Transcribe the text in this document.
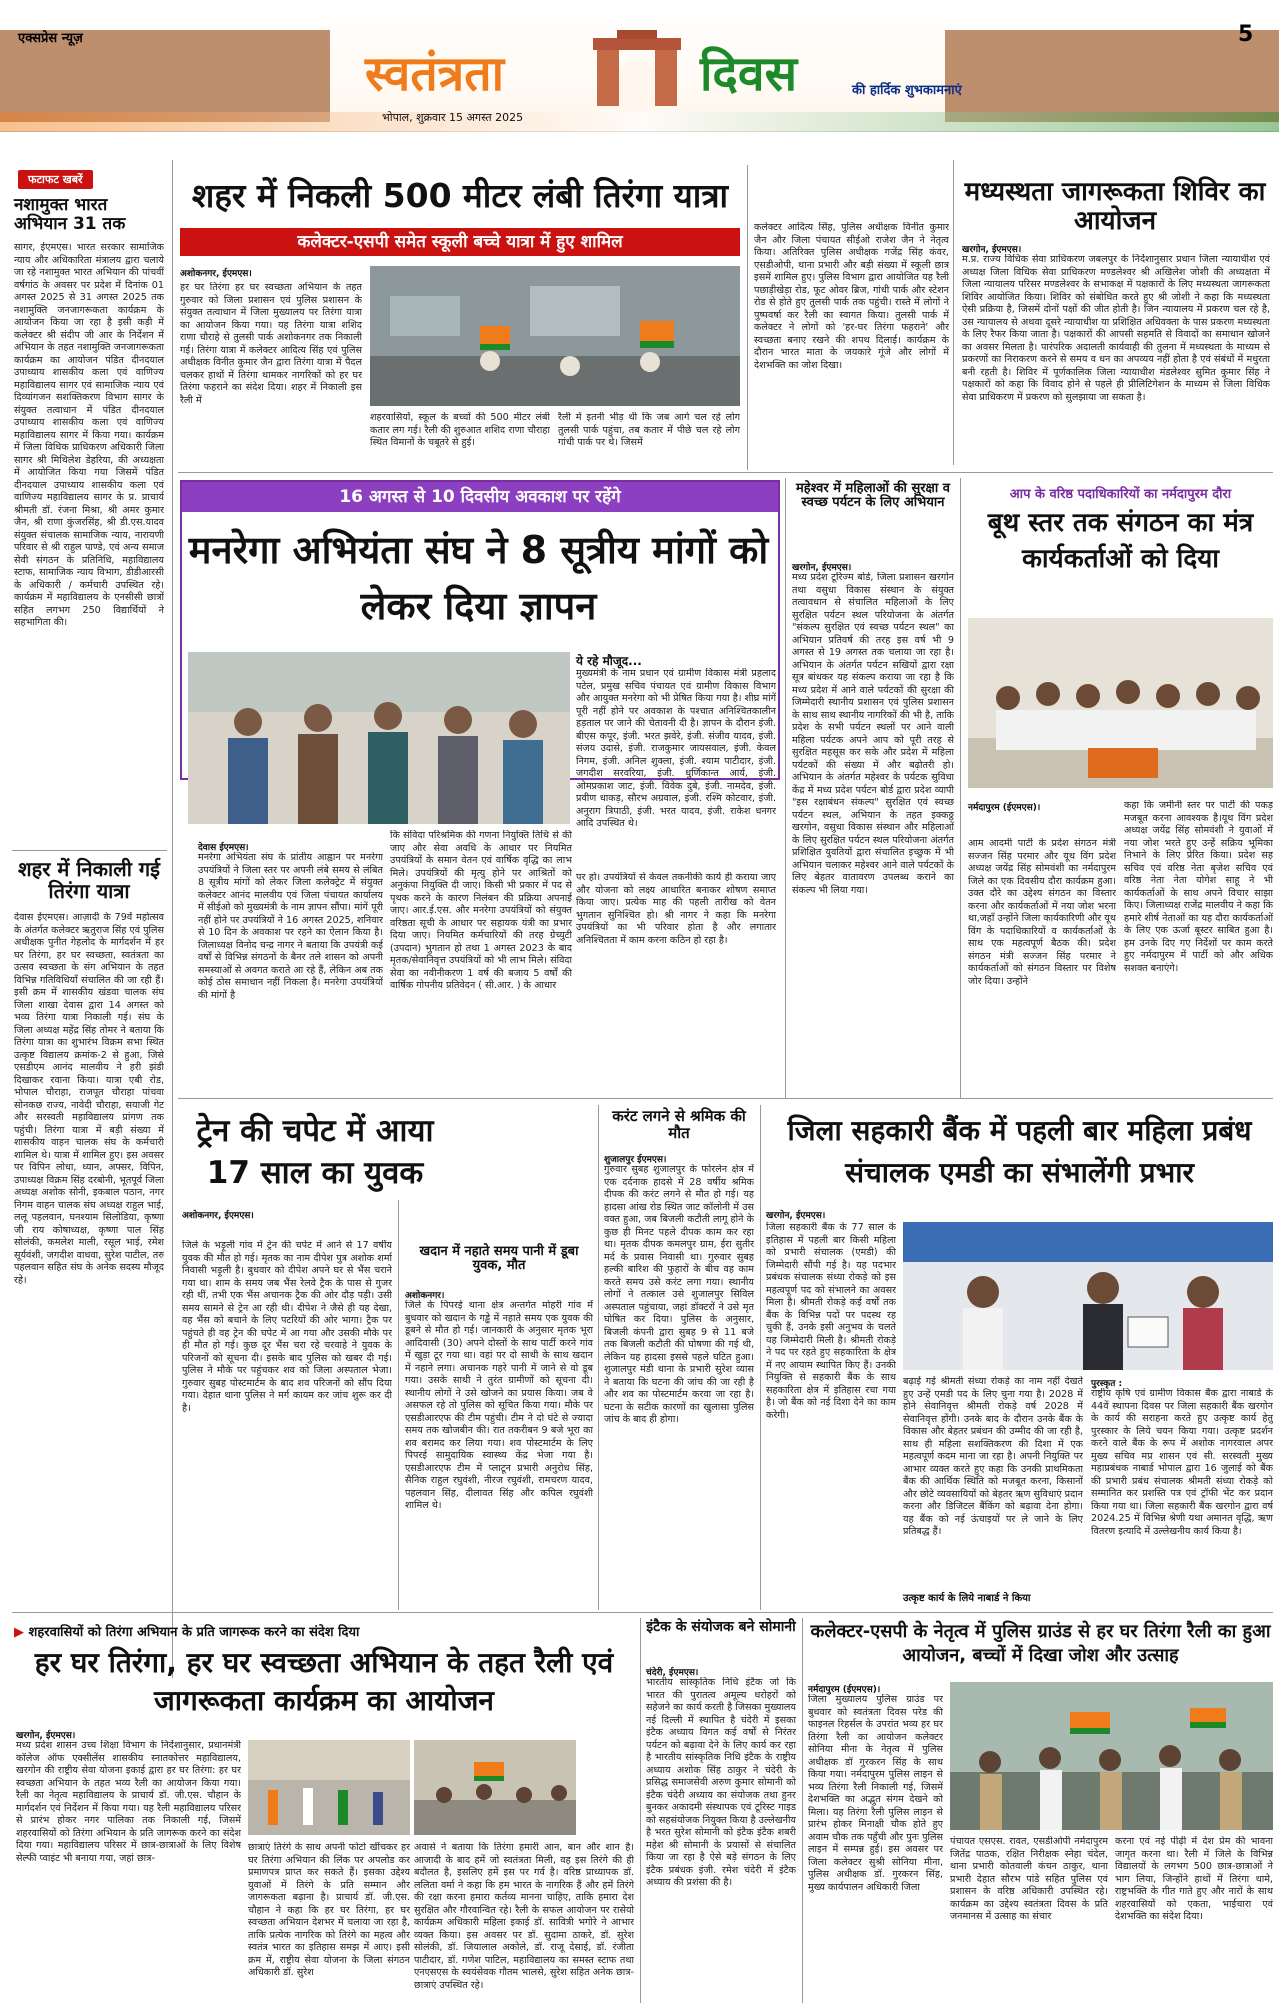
एक्सप्रेस न्यूज़	5
स्वतंत्रता	दिवस	की हार्दिक शुभकामनाएं
भोपाल, शुक्रवार 15 अगस्त 2025
फटाफट खबरें
नशामुक्त भारत अभियान 31 तक
सागर, ईएमएस। भारत सरकार सामाजिक न्याय और अधिकारिता मंत्रालय द्वारा चलाये जा रहे नशामुक्त भारत अभियान की पांचवीं वर्षगांठ के अवसर पर प्रदेश में दिनांक 01 अगस्त 2025 से 31 अगस्त 2025 तक नशामुक्ति जनजागरूकता कार्यक्रम के आयोजन किया जा रहा है इसी कड़ी में कलेक्टर श्री संदीप जी आर के निर्देशन में अभियान के तहत नशामुक्ति जनजागरूकता कार्यक्रम का आयोजन पंडित दीनदयाल उपाध्याय शासकीय कला एवं वाणिज्य महाविद्यालय सागर एवं सामाजिक न्याय एवं दिव्यांगजन सशक्तिकरण विभाग सागर के संयुक्त तत्वाधान में पंडित दीनदयाल उपाध्याय शासकीय कला एवं वाणिज्य महाविद्यालय सागर में किया गया। कार्यक्रम में जिला विधिक प्राधिकरण अधिकारी जिला सागर श्री मिथिलेश डेहरिया, की अध्यक्षता में आयोजित किया गया जिसमें पंडित दीनदयाल उपाध्याय शासकीय कला एवं वाणिज्य महाविद्यालय सागर के प्र. प्राचार्य श्रीमती डॉ. रंजना मिश्रा, श्री अमर कुमार जैन, श्री राणा कुंजरसिंह, श्री डी.एस.यादव संयुक्त संचालक सामाजिक न्याय, नारायणी परिवार से श्री राहुल पाण्डे, एवं अन्य समाज सेवी संगठन के प्रतिनिधि, महाविद्यालय स्टाफ, सामाजिक न्याय विभाग, डीडीआरसी के अधिकारी / कर्मचारी उपस्थित रहे। कार्यक्रम में महाविद्यालय के एनसीसी छात्रों सहित लगभग 250 विद्यार्थियों ने सहभागिता की।
शहर में निकाली गई तिरंगा यात्रा
देवास ईएमएस। आज़ादी के 79वें महोत्सव के अंतर्गत कलेक्टर ऋतुराज सिंह एवं पुलिस अधीक्षक पुनीत गेहलोद के मार्गदर्शन में हर घर तिरंगा, हर घर स्वच्छता, स्वतंत्रता का उत्सव स्वच्छता के संग अभियान के तहत विभिन्न गतिविधियाँ संचालित की जा रही हैं। इसी क्रम में शासकीय खंडवा चालक संघ जिला शाखा देवास द्वारा 14 अगस्त को भव्य तिरंगा यात्रा निकाली गई। संघ के जिला अध्यक्ष महेंद्र सिंह तोमर ने बताया कि तिरंगा यात्रा का शुभारंभ विक्रम सभा स्थित उत्कृष्ट विद्यालय क्रमांक-2 से हुआ, जिसे एसडीएम आनंद मालवीय ने हरी झंडी दिखाकर रवाना किया। यात्रा एबी रोड, भोपाल चौराहा, राजपूत चौराहा पांचवा सोनकछ राज्य, नावेदी चौराहा, सयाजी गेट और सरस्वती महाविद्यालय प्रांगण तक पहुंची। तिरंगा यात्रा में बड़ी संख्या में शासकीय वाहन चालक संघ के कर्मचारी शामिल थे। यात्रा में शामिल हुए। इस अवसर पर विपिन लोधा, ध्यान, अफ्सर, विपिन, उपाध्यक्ष विक्रम सिंह दरबोनी, भूतपूर्व जिला अध्यक्ष अशोक सोनी, इकबाल पठान, नगर निगम वाहन चालक संघ अध्यक्ष राहुल भाई, ललू पहलवान, घनश्याम सिलोडिया, कृष्णा जी राय कोषाध्यक्ष, कृष्णा पाल सिंह सोलंकी, कमलेश माली, रसूल भाई, रमेश सूर्यवंशी, जगदीश वाधवा, सुरेश पाटील, तरु पहलवान सहित संघ के अनेक सदस्य मौजूद रहे।
शहर में निकली 500 मीटर लंबी तिरंगा यात्रा
कलेक्टर-एसपी समेत स्कूली बच्चे यात्रा में हुए शामिल
अशोकनगर, ईएमएस।
हर घर तिरंगा हर घर स्वच्छता अभियान के तहत गुरुवार को जिला प्रशासन एवं पुलिस प्रशासन के संयुक्त तत्वाधान में जिला मुख्यालय पर तिरंगा यात्रा का आयोजन किया गया। यह तिरंगा यात्रा शशिद राणा चौराहे से तुलसी पार्क अशोकनगर तक निकाली गई। तिरंगा यात्रा में कलेक्टर आदित्य सिंह एवं पुलिस अधीक्षक विनीत कुमार जैन द्वारा तिरंगा यात्रा में पैदल चलकर हाथों में तिरंगा थामकर नागरिकों को हर घर तिरंगा फहराने का संदेश दिया। शहर में निकाली इस रैली में
शहरवासियों, स्कूल के बच्चों की 500 मीटर लंबी कतार लग गई। रैली की शुरुआत शशिद राणा चौराहा स्थित विमानों के चबूतरे से हुई।
रैली में इतनी भीड़ थी कि जब आगे चल रहे लोग तुलसी पार्क पहुंचा, तब कतार में पीछे चल रहे लोग गांधी पार्क पर थे। जिसमें
कलेक्टर आदित्य सिंह, पुलिस अधीक्षक विनीत कुमार जैन और जिला पंचायत सीईओ राजेश जैन ने नेतृत्व किया। अतिरिक्त पुलिस अधीक्षक गजेंद्र सिंह कंवर, एसडीओपी, थाना प्रभारी और बड़ी संख्या में स्कूली छात्र इसमें शामिल हुए। पुलिस विभाग द्वारा आयोजित यह रैली पछाड़ीखेड़ा रोड, फूट ओवर ब्रिज, गांधी पार्क और स्टेशन रोड से होते हुए तुलसी पार्क तक पहुंची। रास्ते में लोगों ने पुष्पवर्षा कर रैली का स्वागत किया। तुलसी पार्क में कलेक्टर ने लोगों को 'हर-घर तिरंगा फहराने' और स्वच्छता बनाए रखने की शपथ दिलाई। कार्यक्रम के दौरान भारत माता के जयकारे गूंजे और लोगों में देशभक्ति का जोश दिखा।
16 अगस्त से 10 दिवसीय अवकाश पर रहेंगे
मनरेगा अभियंता संघ ने 8 सूत्रीय मांगों को लेकर दिया ज्ञापन
ये रहे मौजूद...
मुख्यमंत्री के नाम प्रधान एवं ग्रामीण विकास मंत्री प्रहलाद पटेल, प्रमुख सचिव पंचायत एवं ग्रामीण विकास विभाग और आयुक्त मनरेगा को भी प्रेषित किया गया है। शीघ्र मांगें पूरी नहीं होने पर अवकाश के पश्चात अनिश्चितकालीन हड़ताल पर जाने की चेतावनी दी है। ज्ञापन के दौरान इंजी. बीएस कपूर, इंजी. भरत झवेरे, इंजी. संजीव यादव, इंजी. संजय उदासे, इंजी. राजकुमार जायसवाल, इंजी. केवल निगम, इंजी. अनिल शुक्ला, इंजी. श्याम पाटीदार, इंजी. जगदीश सरवरिया, इंजी. धुर्णिकान्त आर्य, इंजी. ओमप्रकाश जाट, इंजी. विवेक दुबे, इंजी. नामदेव, इंजी. प्रवीण धाकड़, सौरभ अग्रवाल, इंजी. रश्मि कोटवार, इंजी. अनुराग त्रिपाठी, इंजी. भरत यादव, इंजी. राकेश धनगर आदि उपस्थित थे।
देवास ईएमएस।
मनरेगा अभियंता संघ के प्रांतीय आह्वान पर मनरेगा उपयंत्रियों ने जिला स्तर पर अपनी लंबे समय से लंबित 8 सूत्रीय मांगों को लेकर जिला कलेक्ट्रेट में संयुक्त कलेक्टर आनंद मालवीय एवं जिला पंचायत कार्यालय में सीईओ को मुख्यमंत्री के नाम ज्ञापन सौंपा। मांगें पूरी नहीं होने पर उपयंत्रियों ने 16 अगस्त 2025, शनिवार से 10 दिन के अवकाश पर रहने का ऐलान किया है। जिलाध्यक्ष विनोद चन्द्र नागर ने बताया कि उपयंत्री कई वर्षों से विभिन्न संगठनों के बैनर तले शासन को अपनी समस्याओं से अवगत कराते आ रहे हैं, लेकिन अब तक कोई ठोस समाधान नहीं निकला है। मनरेगा उपयंत्रियों की मांगों है
कि संविदा परिश्रमिक की गणना नियुक्ति तिथि से की जाए और सेवा अवधि के आधार पर नियमित उपयंत्रियों के समान वेतन एवं वार्षिक वृद्धि का लाभ मिले। उपयंत्रियों की मृत्यु होने पर आश्रितों को अनुकंपा नियुक्ति दी जाए। किसी भी प्रकार में पद से पृथक करने के कारण निलंबन की प्रक्रिया अपनाई जाए। आर.ई.एस. और मनरेगा उपयंत्रियों को संयुक्त वरिष्ठता सूची के आधार पर सहायक यंत्री का प्रभार दिया जाए। नियमित कर्मचारियों की तरह ग्रेच्युटी (उपदान) भुगतान हो तथा 1 अगस्त 2023 के बाद मृतक/सेवानिवृत्त उपयंत्रियों को भी लाभ मिले। संविदा सेवा का नवीनीकरण 1 वर्ष की बजाय 5 वर्षों की वार्षिक गोपनीय प्रतिवेदन ( सी.आर. ) के आधार
पर हो। उपयंत्रियों से केवल तकनीकी कार्य ही कराया जाए और योजना को लक्ष्य आधारित बनाकर शोषण समाप्त किया जाए। प्रत्येक माह की पहली तारीख को वेतन भुगतान सुनिश्चित हो। श्री नागर ने कहा कि मनरेगा उपयंत्रियों का भी परिवार होता है और लगातार अनिश्चितता में काम करना कठिन हो रहा है।
मध्यस्थता जागरूकता शिविर का आयोजन
खरगोन, ईएमएस।
म.प्र. राज्य विधिक सेवा प्राधिकरण जबलपुर के निर्देशानुसार प्रधान जिला न्यायाधीश एवं अध्यक्ष जिला विधिक सेवा प्राधिकरण मण्डलेश्वर श्री अखिलेश जोशी की अध्यक्षता में जिला न्यायालय परिसर मण्डलेश्वर के सभाकक्ष में पक्षकारों के लिए मध्यस्थता जागरूकता शिविर आयोजित किया। शिविर को संबोधित करते हुए श्री जोशी ने कहा कि मध्यस्थता ऐसी प्रक्रिया है, जिसमें दोनों पक्षों की जीत होती है। जिन न्यायालय में प्रकरण चल रहे है, उस न्यायालय से अथवा दूसरे न्यायाधीश या प्रशिक्षित अधिवक्ता के पास प्रकरण मध्यस्थता के लिए रैफर किया जाता है। पक्षकारों की आपसी सहमति से विवादों का समाधान खोजने का अवसर मिलता है। पारंपरिक अदालती कार्यवाही की तुलना में मध्यस्थता के माध्यम से प्रकरणों का निराकरण करने से समय व धन का अपव्यय नहीं होता है एवं संबंधों में मधुरता बनी रहती है। शिविर में पूर्णकालिक जिला न्यायाधीश मंडलेश्वर सुमित कुमार सिंह ने पक्षकारों को कहा कि विवाद होने से पहले ही प्रीलिटिगेशन के माध्यम से जिला विधिक सेवा प्राधिकरण में प्रकरण को सुलझाया जा सकता है।
महेश्वर में महिलाओं की सुरक्षा व स्वच्छ पर्यटन के लिए अभियान
खरगोन, ईएमएस।
मध्य प्रदेश टूरिज्म बोर्ड, जिला प्रशासन खरगोन तथा वसुधा विकास संस्थान के संयुक्त तत्वावधान से संचालित महिलाओं के लिए सुरक्षित पर्यटन स्थल परियोजना के अंतर्गत "संकल्प सुरक्षित एवं स्वच्छ पर्यटन स्थल" का अभियान प्रतिवर्ष की तरह इस वर्ष भी 9 अगस्त से 19 अगस्त तक चलाया जा रहा है। अभियान के अंतर्गत पर्यटन सखियों द्वारा रक्षा सूत्र बांधकर यह संकल्प कराया जा रहा है कि मध्य प्रदेश में आने वाले पर्यटकों की सुरक्षा की जिम्मेदारी स्थानीय प्रशासन एवं पुलिस प्रशासन के साथ साथ स्थानीय नागरिकों की भी है, ताकि प्रदेश के सभी पर्यटन स्थलों पर आने वाली महिला पर्यटक अपने आप को पूरी तरह से सुरक्षित महसूस कर सके और प्रदेश में महिला पर्यटकों की संख्या में और बढ़ोतरी हो। अभियान के अंतर्गत महेश्वर के पर्यटक सुविधा केंद्र में मध्य प्रदेश पर्यटन बोर्ड द्वारा प्रदेश व्यापी "इस रक्षाबंधन संकल्प" सुरक्षित एवं स्वच्छ पर्यटन स्थल, अभियान के तहत इक्कठ्ठ खरगोन, वसुधा विकास संस्थान और महिलाओं के लिए सुरक्षित पर्यटन स्थल परियोजना अंतर्गत प्रशिक्षित युवतियों द्वारा संचालित इच्छुक में भी अभियान चलाकर महेश्वर आने वाले पर्यटकों के लिए बेहतर वातावरण उपलब्ध कराने का संकल्प भी लिया गया।
आप के वरिष्ठ पदाधिकारियों का नर्मदापुरम दौरा
बूथ स्तर तक संगठन का मंत्र कार्यकर्ताओं को दिया
नर्मदापुरम (ईएमएस)।
आम आदमी पार्टी के प्रदेश संगठन मंत्री सज्जन सिंह परमार और यूथ विंग प्रदेश अध्यक्ष जयेंद्र सिंह सोमवंशी का नर्मदापुरम जिले का एक दिवसीय दौरा कार्यक्रम हुआ। उक्त दौरे का उद्देश्य संगठन का विस्तार करना और कार्यकर्ताओं में नया जोश भरना था,जहाँ उन्होंने जिला कार्यकारिणी और यूथ विंग के पदाधिकारियों व कार्यकर्ताओं के साथ एक महत्वपूर्ण बैठक की। प्रदेश संगठन मंत्री सज्जन सिंह परमार ने कार्यकर्ताओं को संगठन विस्तार पर विशेष जोर दिया। उन्होंने
कहा कि जमीनी स्तर पर पार्टी की पकड़ मजबूत करना आवश्यक है।यूथ विंग प्रदेश अध्यक्ष जयेंद्र सिंह सोमवंशी ने युवाओं में नया जोश भरते हुए उन्हें सक्रिय भूमिका निभाने के लिए प्रेरित किया। प्रदेश सह सचिव एवं वरिष्ठ नेता बृजेश सचिव एवं वरिष्ठ नेता नेता योगेश साहू ने भी कार्यकर्ताओं के साथ अपने विचार साझा किए। जिलाध्यक्ष राजेंद्र मालवीय ने कहा कि हमारे शीर्ष नेताओं का यह दौरा कार्यकर्ताओं के लिए एक ऊर्जा बूस्टर साबित हुआ है। हम उनके दिए गए निर्देशों पर काम करते हुए नर्मदापुरम में पार्टी को और अधिक सशक्त बनाएंगे।
ट्रेन की चपेट में आया 17 साल का युवक
अशोकनगर, ईएमएस।
जिले के भड़ूली गांव में ट्रेन की चपेट में आने से 17 वर्षीय युवक की मौत हो गई। मृतक का नाम दीपेश पुत्र अशोक शर्मा निवासी भड़ूली है। बुधवार को दीपेश अपने घर से भैंस चराने गया था। शाम के समय जब भैंस रेलवे ट्रैक के पास से गुजर रही थीं, तभी एक भैंस अचानक ट्रैक की ओर दौड़ पड़ी। उसी समय सामने से ट्रेन आ रही थी। दीपेश ने जैसे ही यह देखा, वह भैंस को बचाने के लिए पटरियों की ओर भागा। ट्रैक पर पहुंचते ही वह ट्रेन की चपेट में आ गया और उसकी मौके पर ही मौत हो गई। कुछ दूर भैंस चरा रहे चरवाहे ने युवक के परिजनों को सूचना दी। इसके बाद पुलिस को खबर दी गई। पुलिस ने मौके पर पहुंचकर शव को जिला अस्पताल भेजा। गुरुवार सुबह पोस्टमार्टम के बाद शव परिजनों को सौंप दिया गया। देहात थाना पुलिस ने मर्ग कायम कर जांच शुरू कर दी है।
खदान में नहाते समय पानी में डूबा युवक, मौत
अशोकनगर।
जिले के पिपरई थाना क्षेत्र अन्तर्गत मोहरी गांव में बुधवार को खदान के गड्ढे में नहाते समय एक युवक की डूबने से मौत हो गई। जानकारी के अनुसार मृतक भूरा आदिवासी (30) अपने दोस्तों के साथ पार्टी करने गांव में खुड़ा टूर गया था। वहां पर दो साथी के साथ खदान में नहाने लगा। अचानक गहरे पानी में जाने से वो डूब गया। उसके साथी ने तुरंत ग्रामीणों को सूचना दी। स्थानीय लोगों ने उसे खोजने का प्रयास किया। जब वे असफल रहे तो पुलिस को सूचित किया गया। मौके पर एसडीआरएफ की टीम पहुंची। टीम ने दो घंटे से ज्यादा समय तक खोजबीन की। रात तकरीबन 9 बजे भूरा का शव बरामद कर लिया गया। शव पोस्टमार्टम के लिए पिपरई सामुदायिक स्वास्थ्य केंद्र भेजा गया है। एसडीआरएफ टीम में प्लाटून प्रभारी अनुरोध सिंह, सैनिक राहुल रघुवंशी, नीरज रघुवंशी, रामचरण यादव, पहलवान सिंह, दीलावत सिंह और कपिल रघुवंशी शामिल थे।
करंट लगने से श्रमिक की मौत
शुजालपुर ईएमएस।
गुरुवार सुबह शुजालपुर के फोरलेन क्षेत्र में एक दर्दनाक हादसे में 28 वर्षीय श्रमिक दीपक की करंट लगने से मौत हो गई। यह हादसा आंख रोड स्थित जाट कॉलोनी में उस वक्त हुआ, जब बिजली कटौती लागू होने के कुछ ही मिनट पहले दीपक काम कर रहा था। मृतक दीपक कमलपुर ग्राम, ईरा सुतीर मर्द के प्रवास निवासी था। गुरुवार सुबह हल्की बारिश की फुहारों के बीच वह काम करते समय उसे करंट लगा गया। स्थानीय लोगों ने तत्काल उसे शुजालपुर सिविल अस्पताल पहुंचाया, जहां डॉक्टरों ने उसे मृत घोषित कर दिया। पुलिस के अनुसार, बिजली कंपनी द्वारा सुबह 9 से 11 बजे तक बिजली कटौती की घोषणा की गई थी, लेकिन यह हादसा इससे पहले घटित हुआ। शुजालपुर मंडी थाना के प्रभारी सुरेश व्यास ने बताया कि घटना की जांच की जा रही है और शव का पोस्टमार्टम करवा जा रहा है। घटना के सटीक कारणों का खुलासा पुलिस जांच के बाद ही होगा।
जिला सहकारी बैंक में पहली बार महिला प्रबंध संचालक एमडी का संभालेंगी प्रभार
खरगोन, ईएमएस।
जिला सहकारी बैंक के 77 साल के इतिहास में पहली बार किसी महिला को प्रभारी संचालक (एमडी) की जिम्मेदारी सौंपी गई है। यह पदभार प्रबंधक संचालक संध्या रोकड़े को इस महत्वपूर्ण पद को संभालने का अवसर मिला है। श्रीमती रोकड़े कई वर्षों तक बैंक के विभिन्न पदों पर पदस्थ रह चुकी हैं, उनके इसी अनुभव के चलते यह जिम्मेदारी मिली है। श्रीमती रोकड़े ने पद पर रहते हुए सहकारिता के क्षेत्र में नए आयाम स्थापित किए हैं। उनकी नियुक्ति से सहकारी बैंक के साथ सहकारिता क्षेत्र में इतिहास रचा गया है। जो बैंक को नई दिशा देने का काम करेगी।
बढ़ाई गई श्रीमती संध्या रोकड़े का नाम नहीं देखते हुए उन्हें एमडी पद के लिए चुना गया है। 2028 में होने सेवानिवृत्त श्रीमती रोकड़े वर्ष 2028 में सेवानिवृत्त होंगी। उनके बाद के दौरान उनके बैंक के विकास और बेहतर प्रबंधन की उम्मीद की जा रही है, साथ ही महिला सशक्तिकरण की दिशा में एक महत्वपूर्ण कदम माना जा रहा है। अपनी नियुक्ति पर आभार व्यक्त करते हुए कहा कि उनकी प्राथमिकता बैंक की आर्थिक स्थिति को मजबूत करना, किसानों और छोटे व्यवसायियों को बेहतर ऋण सुविधाएं प्रदान करना और डिजिटल बैंकिंग को बढ़ावा देना होगा। यह बैंक को नई ऊंचाइयों पर ले जाने के लिए प्रतिबद्ध हैं।
उत्कृष्ट कार्य के लिये नाबार्ड ने किया
पुरस्कृत :
राष्ट्रीय कृषि एवं ग्रामीण विकास बैंक द्वारा नाबार्ड के 44वें स्थापना दिवस पर जिला सहकारी बैंक खरगोन के कार्य की सराहना करते हुए उत्कृष्ट कार्य हेतु पुरस्कार के लिये चयन किया गया। उत्कृष्ट प्रदर्शन करने वाले बैंक के रूप में अशोक नागरवाल अपर मुख्य सचिव मप्र शासन एवं सी. सरस्वती मुख्य महाप्रबंधक नाबार्ड भोपाल द्वारा 16 जुलाई को बैंक की प्रभारी प्रबंध संचालक श्रीमती संध्या रोकड़े को सम्मानित कर प्रशस्ति पत्र एवं ट्रॉफी भेंट कर प्रदान किया गया था। जिला सहकारी बैंक खरगोन द्वारा वर्ष 2024.25 में विभिन्न श्रेणी यथा अमानत वृद्धि, ऋण वितरण इत्यादि में उल्लेखनीय कार्य किया है।
▶ शहरवासियों को तिरंगा अभियान के प्रति जागरूक करने का संदेश दिया
हर घर तिरंगा, हर घर स्वच्छता अभियान के तहत रैली एवं जागरूकता कार्यक्रम का आयोजन
खरगोन, ईएमएस।
मध्य प्रदेश शासन उच्च शिक्षा विभाग के निर्देशानुसार, प्रधानमंत्री कॉलेज ऑफ एक्सीलेंस शासकीय स्नातकोत्तर महाविद्यालय, खरगोन की राष्ट्रीय सेवा योजना इकाई द्वारा हर घर तिरंगा: हर घर स्वच्छता अभियान के तहत भव्य रैली का आयोजन किया गया। रैली का नेतृत्व महाविद्यालय के प्राचार्य डॉ. जी.एस. चौहान के मार्गदर्शन एवं निर्देशन में किया गया। यह रैली महाविद्यालय परिसर से प्रारंभ होकर नगर पालिका तक निकाली गई, जिसमें शहरवासियों को तिरंगा अभियान के प्रति जागरूक करने का संदेश दिया गया। महाविद्यालय परिसर में छात्र-छात्राओं के लिए विशेष सेल्फी प्वाइंट भी बनाया गया, जहां छात्र-
छात्राएं तिरंगे के साथ अपनी फोटो खींचकर हर घर तिरंगा अभियान की लिंक पर अपलोड कर प्रमाणपत्र प्राप्त कर सकते हैं। इसका उद्देश्य युवाओं में तिरंगे के प्रति सम्मान और जागरूकता बढ़ाना है। प्राचार्य डॉ. जी.एस. चौहान ने कहा कि हर घर तिरंगा, हर घर स्वच्छता अभियान देशभर में चलाया जा रहा है, ताकि प्रत्येक नागरिक को तिरंगे का महत्व और स्वतंत्र भारत का इतिहास समझ में आए। इसी क्रम में, राष्ट्रीय सेवा योजना के जिला संगठन अधिकारी डॉ. सुरेश
अवासे ने बताया कि तिरंगा हमारी आन, बान और शान है। आजादी के बाद हमें जो स्वतंत्रता मिली, वह इस तिरंगे की ही बदौलत है, इसलिए हमें इस पर गर्व है। वरिष्ठ प्राध्यापक डॉ. ललिता वर्मा ने कहा कि हम भारत के नागरिक हैं और हमें तिरंगे की रक्षा करना हमारा कर्तव्य मानना चाहिए, ताकि हमारा देश सुरक्षित और गौरवान्वित रहे। रैली के सफल आयोजन पर रासेयो कार्यक्रम अधिकारी महिला इकाई डॉ. सावित्री भगोरे ने आभार व्यक्त किया। इस अवसर पर डॉ. सुदामा ठाकरे, डॉ. सुरेश सोलंकी, डॉ. जियालाल अकोले, डॉ. राजू देसाई, डॉ. रंजीता पाटीदार, डॉ. गणेश पाटिल, महाविद्यालय का समस्त स्टाफ तथा एनएसएस के स्वयंसेवक गौतम भालसे, सुरेश सहित अनेक छात्र-छात्राएं उपस्थित रहे।
इंटैक के संयोजक बने सोमानी
चंदेरी, ईएमएस।
भारतीय सांस्कृतिक निधि इंटैक जो कि भारत की पुरातत्व अमूल्य धरोहरों को सहेजने का कार्य करती है जिसका मुख्यालय नई दिल्ली में स्थापित है चंदेरी में इसका इंटैक अध्याय विगत कई वर्षों से निरंतर पर्यटन को बढ़ावा देने के लिए कार्य कर रहा है भारतीय सांस्कृतिक निधि इंटैक के राष्ट्रीय अध्याय अशोक सिंह ठाकुर ने चंदेरी के प्रसिद्ध समाजसेवी अरुण कुमार सोमानी को इंटैक चंदेरी अध्याय का संयोजक तथा हुनर बुनकर अकादमी संस्थापक एवं टूरिस्ट गाइड को सहसंयोजक नियुक्त किया है उल्लेखनीय है भरत सुरेश सोमानी को इंटैक इंटैक शबरी महेश श्री सोमानी के प्रयासों से संचालित किया जा रहा है ऐसे बड़े संगठन के लिए इंटैक प्रबंधक इंजी. रमेश चंदेरी में इंटैक अध्याय की प्रशंसा की है।
कलेक्टर-एसपी के नेतृत्व में पुलिस ग्राउंड से हर घर तिरंगा रैली का हुआ आयोजन, बच्चों में दिखा जोश और उत्साह
नर्मदापुरम (ईएमएस)।
जिला मुख्यालय पुलिस ग्राउंड पर बुधवार को स्वतंत्रता दिवस परेड की फाइनल रिहर्सल के उपरांत भव्य हर घर तिरंगा रैली का आयोजन कलेक्टर सोनिया मीना के नेतृत्व में पुलिस अधीक्षक डॉ गुरकरन सिंह के साथ किया गया। नर्मदापुरम पुलिस लाइन से भव्य तिरंगा रैली निकाली गई, जिसमें देशभक्ति का अद्भुत संगम देखने को मिला। यह तिरंगा रैली पुलिस लाइन से प्रारंभ होकर मिनाक्षी चौक होते हुए अवाम चौक तक पहुँची और पुनः पुलिस लाइन में सम्पन्न हुई। इस अवसर पर जिला कलेक्टर सुश्री सोनिया मीना, पुलिस अधीक्षक डॉ. गुरकरन सिंह, मुख्य कार्यपालन अधिकारी जिला
पंचायत एसएस. रावत, एसडीओपी नर्मदापुरम जितेंद्र पाठक, रक्षित निरीक्षक स्नेहा चंदेल, थाना प्रभारी कोतवाली कंचन ठाकुर, थाना प्रभारी देहात सौरभ पांडे सहित पुलिस एवं प्रशासन के वरिष्ठ अधिकारी उपस्थित रहे। कार्यक्रम का उद्देश्य स्वतंत्रता दिवस के प्रति जनमानस में उत्साह का संचार
करना एवं नई पीढ़ी में देश प्रेम की भावना जागृत करना था। रैली में जिले के विभिन्न विद्यालयों के लगभग 500 छात्र-छात्राओं ने भाग लिया, जिन्होंने हाथों में तिरंगा थामे, राष्ट्रभक्ति के गीत गाते हुए और नारों के साथ शहरवासियों को एकता, भाईचारा एवं देशभक्ति का संदेश दिया।
